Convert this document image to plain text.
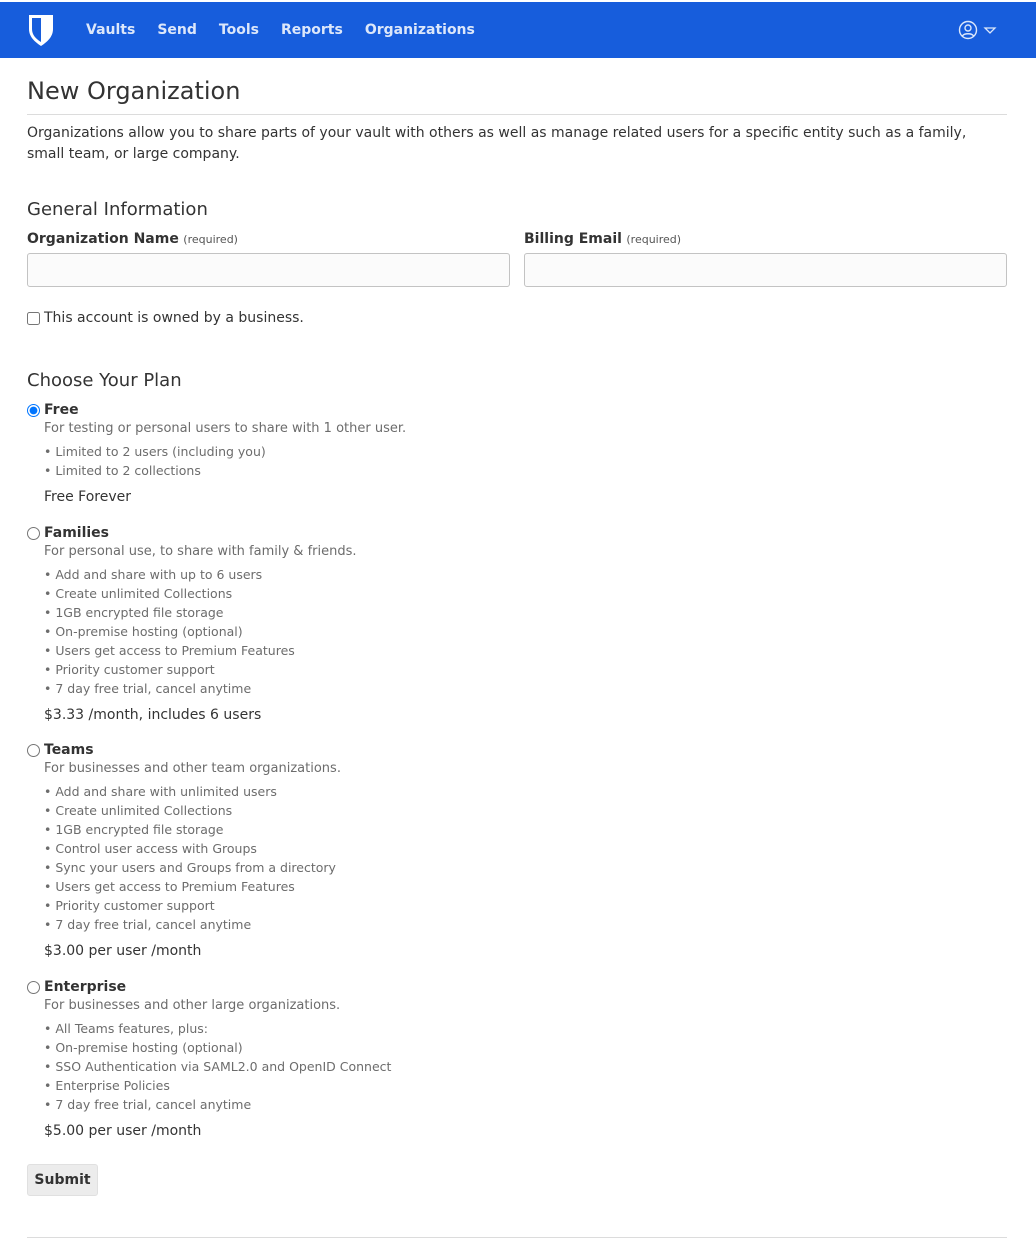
Vaults Send Tools Reports Organizations
New Organization

Organizations allow you to share parts of your vault with others as well as manage related users for a specific entity such as a family, small team, or large company.

General Information
Organization Name (required)	Billing Email (required)
This account is owned by a business.
Choose Your Plan
Free
For testing or personal users to share with 1 other user.
• Limited to 2 users (including you)
• Limited to 2 collections
Free Forever
Families
For personal use, to share with family & friends.
• Add and share with up to 6 users
• Create unlimited Collections
• 1GB encrypted file storage
• On-premise hosting (optional)
• Users get access to Premium Features
• Priority customer support
• 7 day free trial, cancel anytime
$3.33 /month, includes 6 users
Teams
For businesses and other team organizations.
• Add and share with unlimited users
• Create unlimited Collections
• 1GB encrypted file storage
• Control user access with Groups
• Sync your users and Groups from a directory
• Users get access to Premium Features
• Priority customer support
• 7 day free trial, cancel anytime
$3.00 per user /month
Enterprise
For businesses and other large organizations.
• All Teams features, plus:
• On-premise hosting (optional)
• SSO Authentication via SAML2.0 and OpenID Connect
• Enterprise Policies
• 7 day free trial, cancel anytime
$5.00 per user /month
Submit
